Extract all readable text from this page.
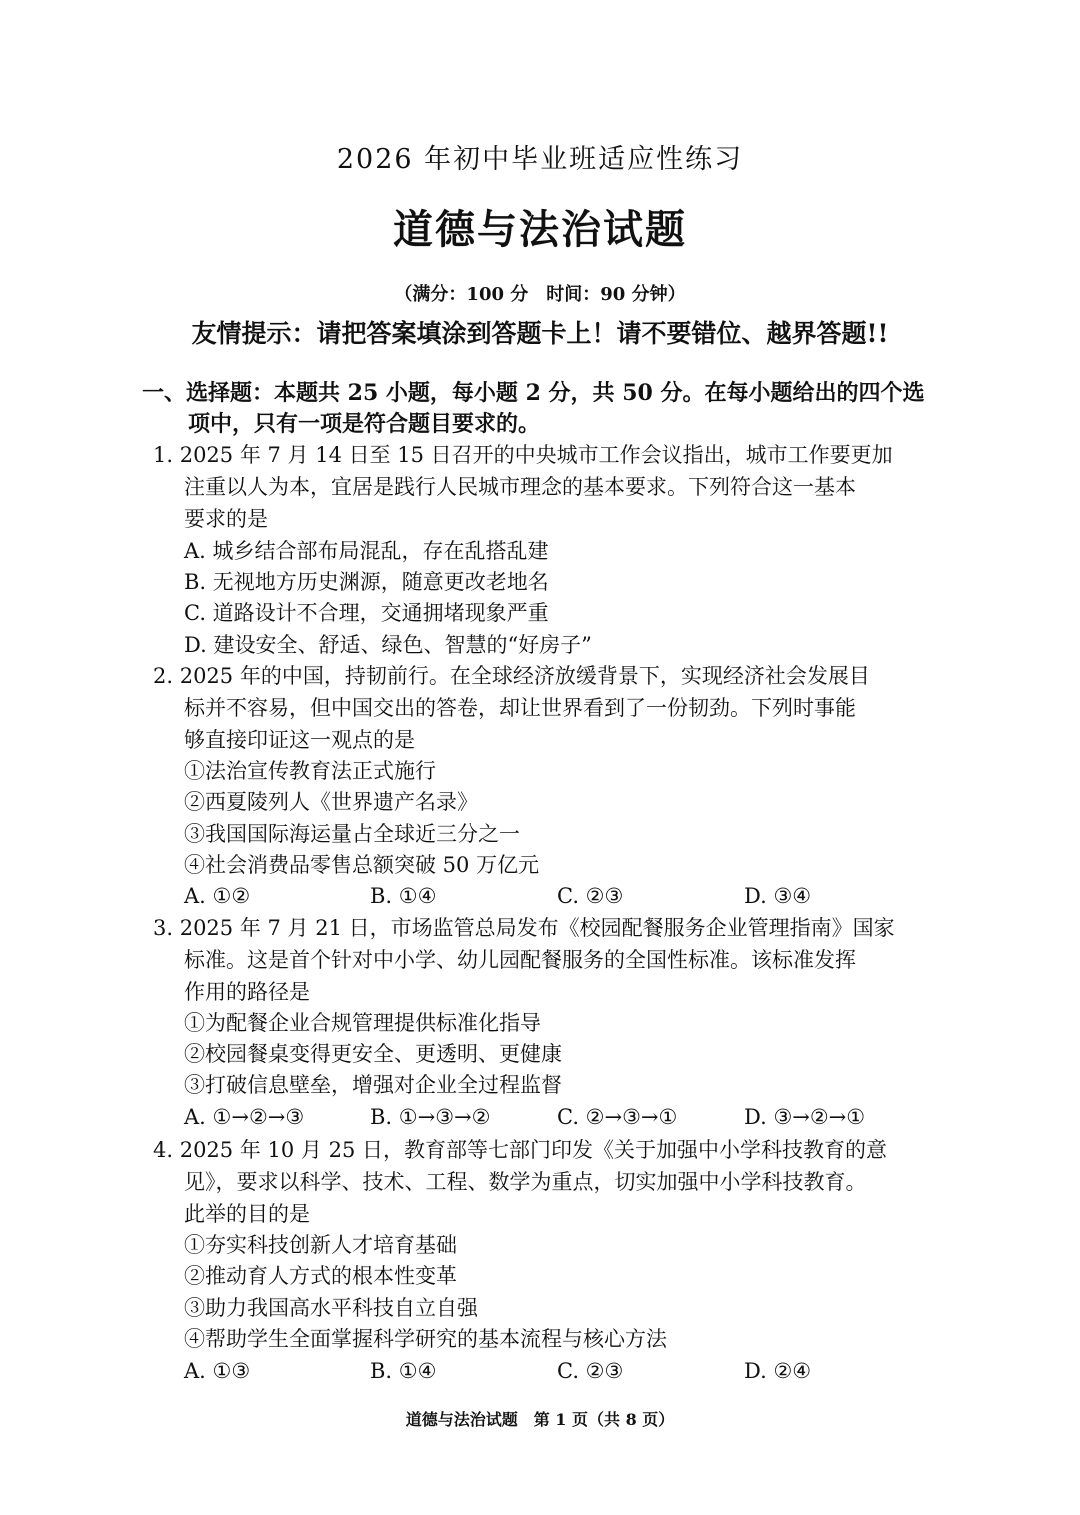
2026 年初中毕业班适应性练习
道德与法治试题
（满分：100 分　时间：90 分钟）
友情提示：请把答案填涂到答题卡上！请不要错位、越界答题!!
一、选择题：本题共 25 小题，每小题 2 分，共 50 分。在每小题给出的四个选
项中，只有一项是符合题目要求的。
1. 2025 年 7 月 14 日至 15 日召开的中央城市工作会议指出，城市工作要更加
注重以人为本，宜居是践行人民城市理念的基本要求。下列符合这一基本
要求的是
A. 城乡结合部布局混乱，存在乱搭乱建
B. 无视地方历史渊源，随意更改老地名
C. 道路设计不合理，交通拥堵现象严重
D. 建设安全、舒适、绿色、智慧的“好房子”
2. 2025 年的中国，持韧前行。在全球经济放缓背景下，实现经济社会发展目
标并不容易，但中国交出的答卷，却让世界看到了一份韧劲。下列时事能
够直接印证这一观点的是
①法治宣传教育法正式施行
②西夏陵列人《世界遗产名录》
③我国国际海运量占全球近三分之一
④社会消费品零售总额突破 50 万亿元
A. ①②	B. ①④	C. ②③	D. ③④
3. 2025 年 7 月 21 日，市场监管总局发布《校园配餐服务企业管理指南》国家
标准。这是首个针对中小学、幼儿园配餐服务的全国性标准。该标准发挥
作用的路径是
①为配餐企业合规管理提供标准化指导
②校园餐桌变得更安全、更透明、更健康
③打破信息壁垒，增强对企业全过程监督
A. ①→②→③	B. ①→③→②	C. ②→③→①	D. ③→②→①
4. 2025 年 10 月 25 日，教育部等七部门印发《关于加强中小学科技教育的意
见》，要求以科学、技术、工程、数学为重点，切实加强中小学科技教育。
此举的目的是
①夯实科技创新人才培育基础
②推动育人方式的根本性变革
③助力我国高水平科技自立自强
④帮助学生全面掌握科学研究的基本流程与核心方法
A. ①③	B. ①④	C. ②③	D. ②④
道德与法治试题　第 1 页（共 8 页）
